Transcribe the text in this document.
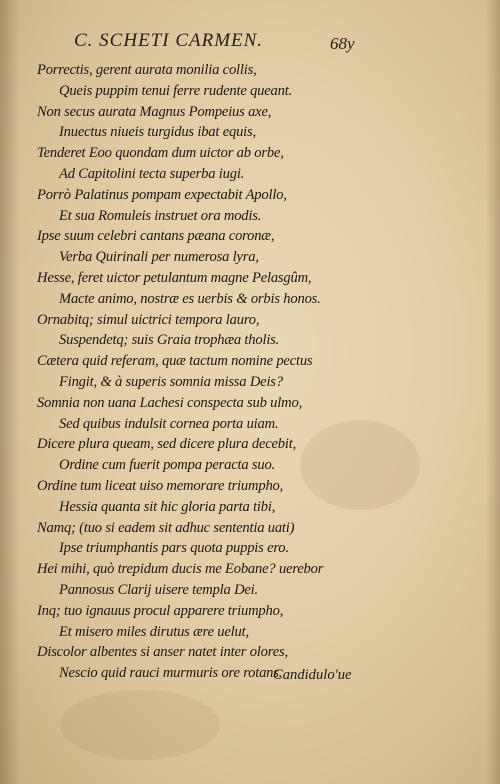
C. SCHETI CARMEN.	68y
Porrectis, gerent aurata monilia collis,
Queis puppim tenui ferre rudente queant.
Non secus aurata Magnus Pompeius axe,
Inuectus niueis turgidus ibat equis,
Tenderet Eoo quondam dum uictor ab orbe,
Ad Capitolini tecta superba iugi.
Porrò Palatinus pompam expectabit Apollo,
Et sua Romuleis instruet ora modis.
Ipse suum celebri cantans pæana coronæ,
Verba Quirinali per numerosa lyra,
Hesse, feret uictor petulantum magne Pelasgûm,
Macte animo, nostræ es uerbis & orbis honos.
Ornabitq; simul uictrici tempora lauro,
Suspendetq; suis Graia trophæa tholis.
Cætera quid referam, quæ tactum nomine pectus
Fingit, & à superis somnia missa Deis?
Somnia non uana Lachesi conspecta sub ulmo,
Sed quibus indulsit cornea porta uiam.
Dicere plura queam, sed dicere plura decebit,
Ordine cum fuerit pompa peracta suo.
Ordine tum liceat uiso memorare triumpho,
Hessia quanta sit hic gloria parta tibi,
Namq; (tuo si eadem sit adhuc sententia uati)
Ipse triumphantis pars quota puppis ero.
Hei mihi, quò trepidum ducis me Eobane? uerebor
Pannosus Clarij uisere templa Dei.
Inq; tuo ignauus procul apparere triumpho,
Et misero miles dirutus ære uelut,
Discolor albentes si anser natet inter olores,
Nescio quid rauci murmuris ore rotans.
Candidulo'ue
